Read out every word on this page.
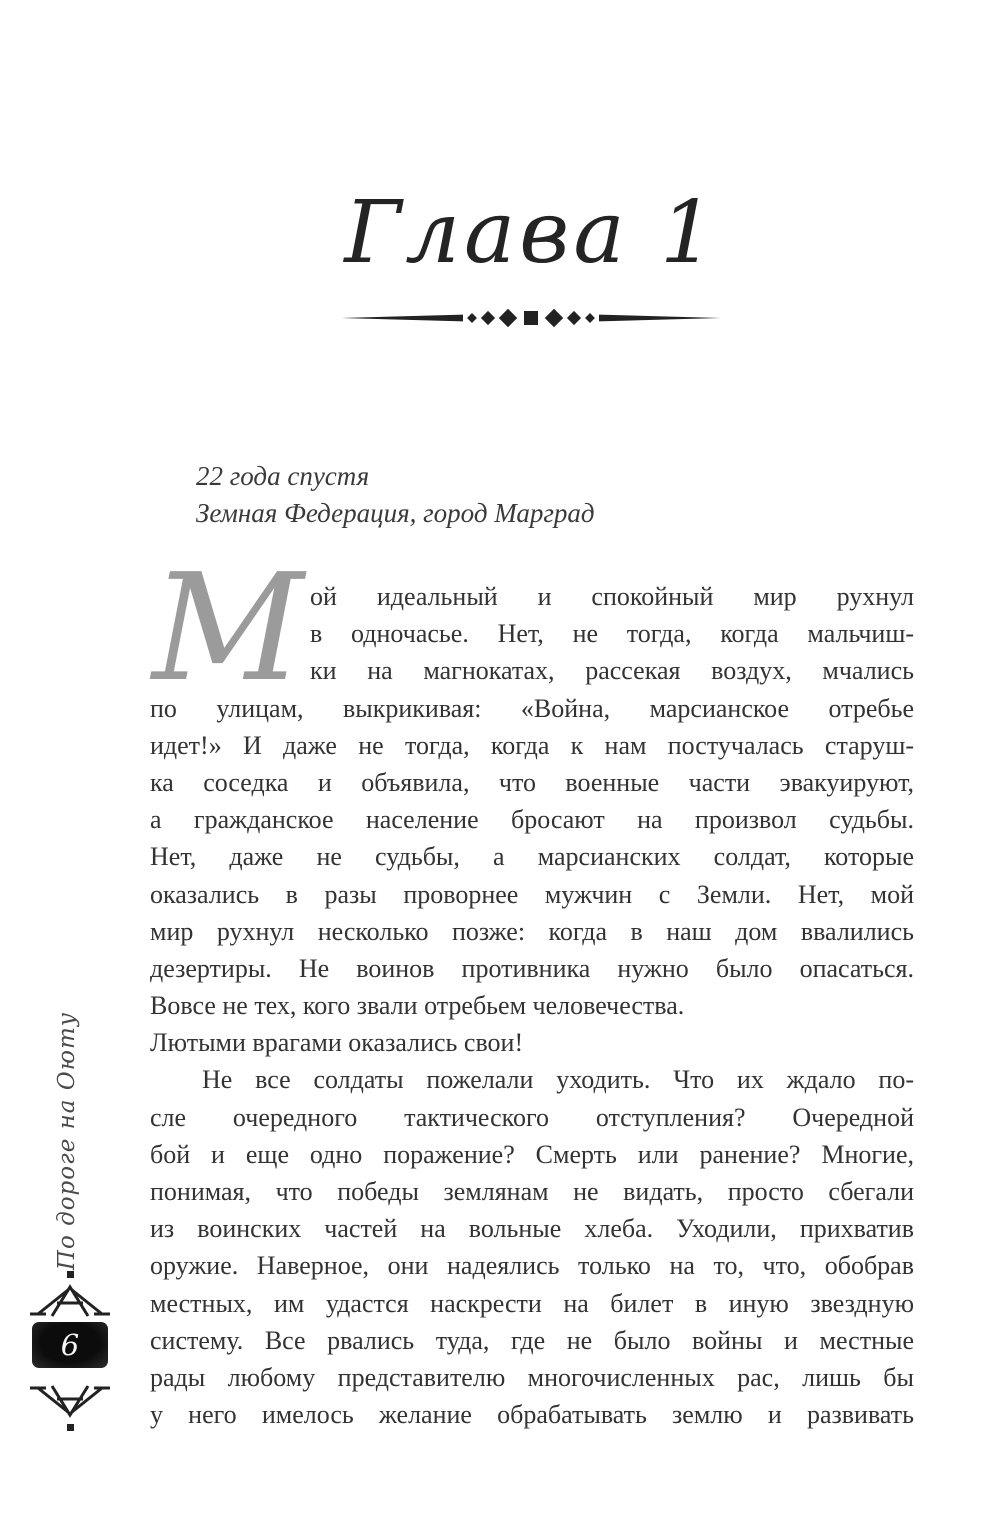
Глава 1
22 года спустя
Земная Федерация, город Марград
М ой идеальный и спокойный мир рухнул
в одночасье. Нет, не тогда, когда мальчиш-
ки на магнокатах, рассекая воздух, мчались
по улицам, выкрикивая: «Война, марсианское отребье
идет!» И даже не тогда, когда к нам постучалась старуш-
ка соседка и объявила, что военные части эвакуируют,
а гражданское население бросают на произвол судьбы.
Нет, даже не судьбы, а марсианских солдат, которые
оказались в разы проворнее мужчин с Земли. Нет, мой
мир рухнул несколько позже: когда в наш дом ввалились
дезертиры. Не воинов противника нужно было опасаться.
Вовсе не тех, кого звали отребьем человечества.
Лютыми врагами оказались свои!
Не все солдаты пожелали уходить. Что их ждало по-
сле очередного тактического отступления? Очередной
бой и еще одно поражение? Смерть или ранение? Многие,
понимая, что победы землянам не видать, просто сбегали
из воинских частей на вольные хлеба. Уходили, прихватив
оружие. Наверное, они надеялись только на то, что, обобрав
местных, им удастся наскрести на билет в иную звездную
систему. Все рвались туда, где не было войны и местные
рады любому представителю многочисленных рас, лишь бы
у него имелось желание обрабатывать землю и развивать
По дороге на Оюту
6
